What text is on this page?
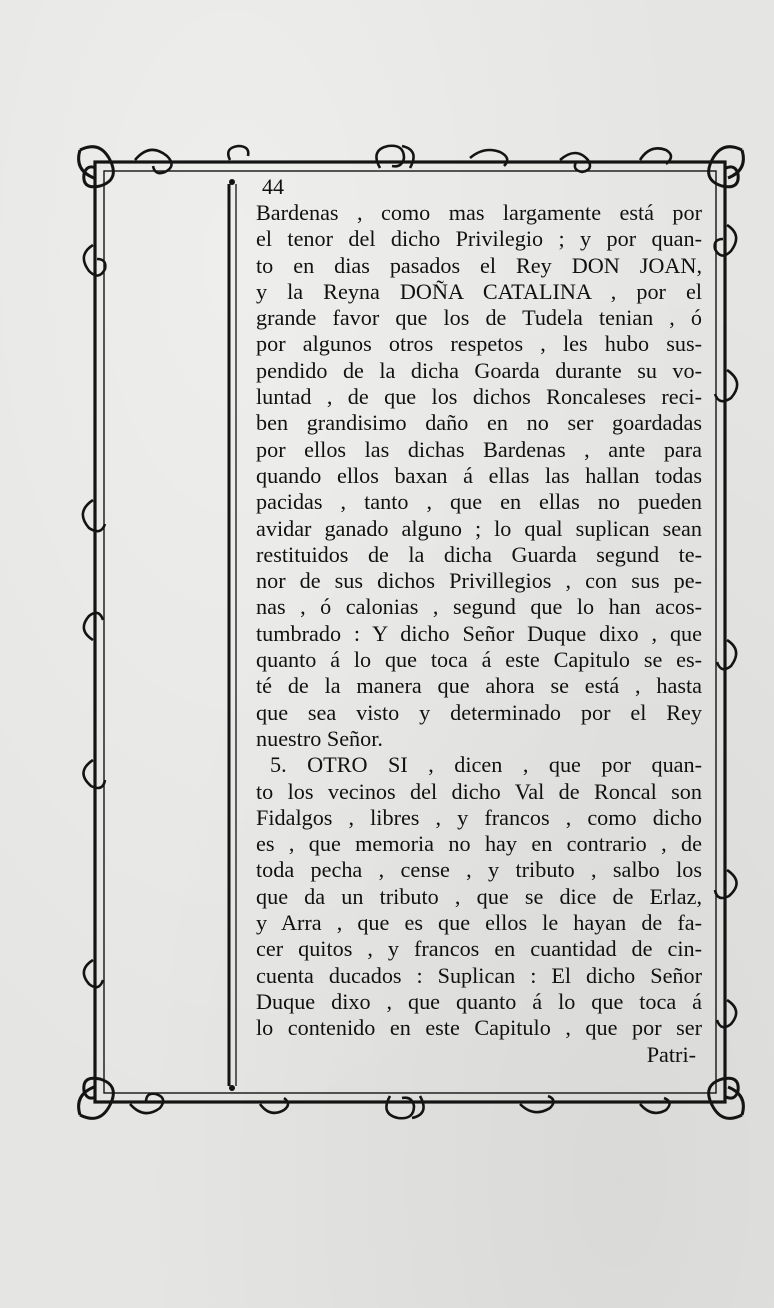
44
Bardenas , como mas largamente está por
el tenor del dicho Privilegio ; y por quan-
to en dias pasados el Rey DON JOAN,
y la Reyna DOÑA CATALINA , por el
grande favor que los de Tudela tenian , ó
por algunos otros respetos , les hubo sus-
pendido de la dicha Goarda durante su vo-
luntad , de que los dichos Roncaleses reci-
ben grandisimo daño en no ser goardadas
por ellos las dichas Bardenas , ante para
quando ellos baxan á ellas las hallan todas
pacidas , tanto , que en ellas no pueden
avidar ganado alguno ; lo qual suplican sean
restituidos de la dicha Guarda segund te-
nor de sus dichos Privillegios , con sus pe-
nas , ó calonias , segund que lo han acos-
tumbrado : Y dicho Señor Duque dixo , que
quanto á lo que toca á este Capitulo se es-
té de la manera que ahora se está , hasta
que sea visto y determinado por el Rey
nuestro Señor.
5. OTRO SI , dicen , que por quan-
to los vecinos del dicho Val de Roncal son
Fidalgos , libres , y francos , como dicho
es , que memoria no hay en contrario , de
toda pecha , cense , y tributo , salbo los
que da un tributo , que se dice de Erlaz,
y Arra , que es que ellos le hayan de fa-
cer quitos , y francos en cuantidad de cin-
cuenta ducados : Suplican : El dicho Señor
Duque dixo , que quanto á lo que toca á
lo contenido en este Capitulo , que por ser
Patri-
